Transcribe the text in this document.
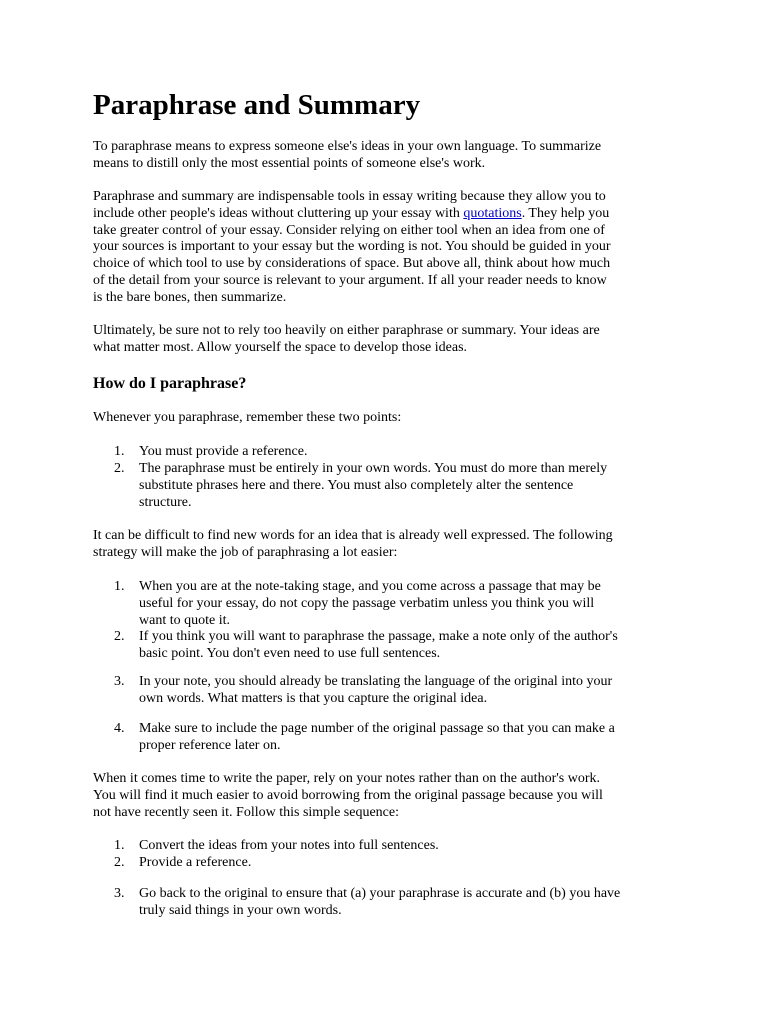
Paraphrase and Summary

To paraphrase means to express someone else's ideas in your own language. To summarize
means to distill only the most essential points of someone else's work.

Paraphrase and summary are indispensable tools in essay writing because they allow you to
include other people's ideas without cluttering up your essay with quotations. They help you
take greater control of your essay. Consider relying on either tool when an idea from one of
your sources is important to your essay but the wording is not. You should be guided in your
choice of which tool to use by considerations of space. But above all, think about how much
of the detail from your source is relevant to your argument. If all your reader needs to know
is the bare bones, then summarize.

Ultimately, be sure not to rely too heavily on either paraphrase or summary. Your ideas are
what matter most. Allow yourself the space to develop those ideas.

How do I paraphrase?

Whenever you paraphrase, remember these two points:

1.	You must provide a reference.
2.	The paraphrase must be entirely in your own words. You must do more than merely
substitute phrases here and there. You must also completely alter the sentence
structure.

It can be difficult to find new words for an idea that is already well expressed. The following
strategy will make the job of paraphrasing a lot easier:

1.	When you are at the note-taking stage, and you come across a passage that may be
useful for your essay, do not copy the passage verbatim unless you think you will
want to quote it.
2.	If you think you will want to paraphrase the passage, make a note only of the author's
basic point. You don't even need to use full sentences.
3.	In your note, you should already be translating the language of the original into your
own words. What matters is that you capture the original idea.
4.	Make sure to include the page number of the original passage so that you can make a
proper reference later on.

When it comes time to write the paper, rely on your notes rather than on the author's work.
You will find it much easier to avoid borrowing from the original passage because you will
not have recently seen it. Follow this simple sequence:

1.	Convert the ideas from your notes into full sentences.
2.	Provide a reference.
3.	Go back to the original to ensure that (a) your paraphrase is accurate and (b) you have
truly said things in your own words.
